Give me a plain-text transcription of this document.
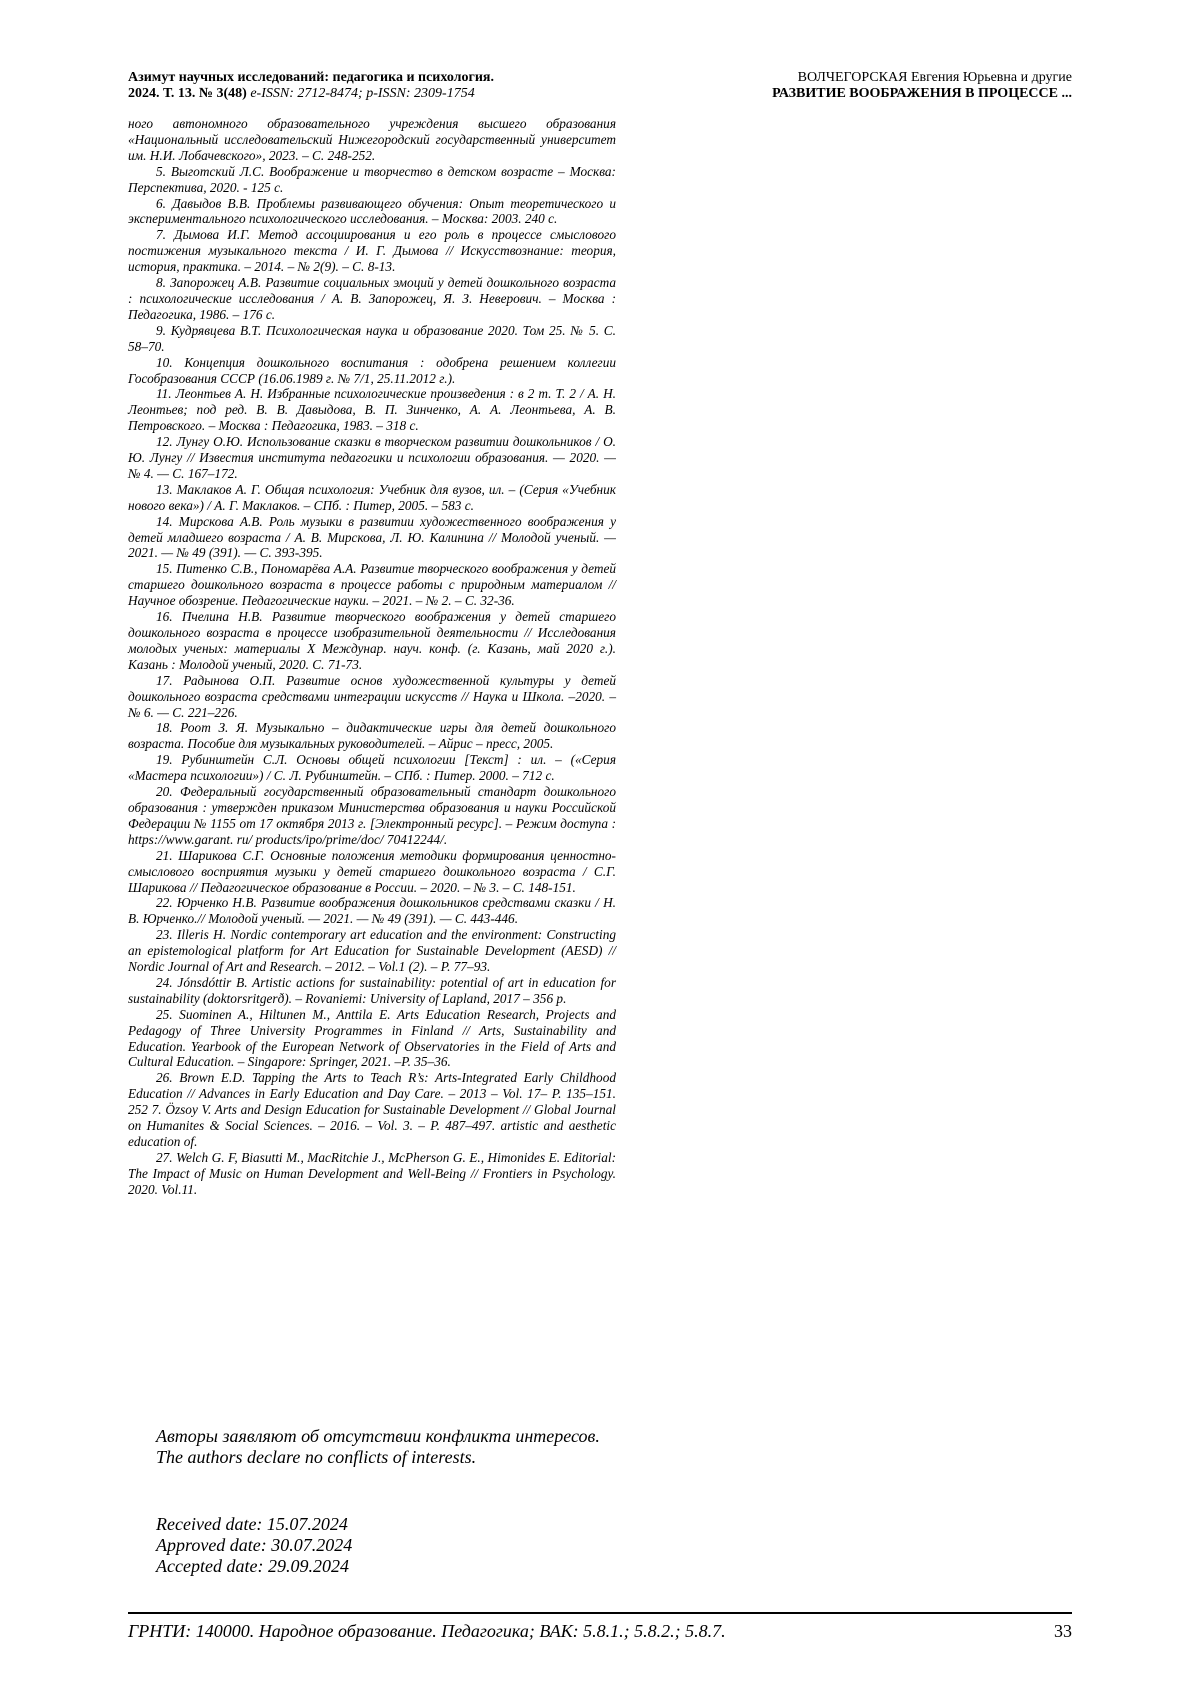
Азимут научных исследований: педагогика и психология.
2024. Т. 13. № 3(48) e-ISSN: 2712-8474; p-ISSN: 2309-1754
ВОЛЧЕГОРСКАЯ Евгения Юрьевна и другие
РАЗВИТИЕ ВООБРАЖЕНИЯ В ПРОЦЕССЕ ...

ного автономного образовательного учреждения высшего образования «Национальный исследовательский Нижегородский государственный университет им. Н.И. Лобачевского», 2023. – С. 248-252.

5. Выготский Л.С. Воображение и творчество в детском возрасте – Москва: Перспектива, 2020. - 125 с.

6. Давыдов В.В. Проблемы развивающего обучения: Опыт теоретического и экспериментального психологического исследования. – Москва: 2003. 240 с.

7. Дымова И.Г. Метод ассоциирования и его роль в процессе смыслового постижения музыкального текста / И. Г. Дымова // Искусствознание: теория, история, практика. – 2014. – № 2(9). – С. 8-13.

8. Запорожец А.В. Развитие социальных эмоций у детей дошкольного возраста : психологические исследования / А. В. Запорожец, Я. З. Неверович. – Москва : Педагогика, 1986. – 176 с.

9. Кудрявцева В.Т. Психологическая наука и образование 2020. Том 25. № 5. С. 58–70.

10. Концепция дошкольного воспитания : одобрена решением коллегии Гособразования СССР (16.06.1989 г. № 7/1, 25.11.2012 г.).

11. Леонтьев А. Н. Избранные психологические произведения : в 2 т. Т. 2 / А. Н. Леонтьев; под ред. В. В. Давыдова, В. П. Зинченко, А. А. Леонтьева, А. В. Петровского. – Москва : Педагогика, 1983. – 318 с.

12. Лунгу О.Ю. Использование сказки в творческом развитии дошкольников / О. Ю. Лунгу // Известия института педагогики и психологии образования. — 2020. — № 4. — С. 167–172.

13. Маклаков А. Г. Общая психология: Учебник для вузов, ил. – (Серия «Учебник нового века») / А. Г. Маклаков. – СПб. : Питер, 2005. – 583 с.

14. Мирскова А.В. Роль музыки в развитии художественного воображения у детей младшего возраста / А. В. Мирскова, Л. Ю. Калинина // Молодой ученый. — 2021. — № 49 (391). — С. 393-395.

15. Питенко С.В., Пономарёва А.А. Развитие творческого воображения у детей старшего дошкольного возраста в процессе работы с природным материалом // Научное обозрение. Педагогические науки. – 2021. – № 2. – С. 32-36.

16. Пчелина Н.В. Развитие творческого воображения у детей старшего дошкольного возраста в процессе изобразительной деятельности // Исследования молодых ученых: материалы X Междунар. науч. конф. (г. Казань, май 2020 г.). Казань : Молодой ученый, 2020. С. 71-73.

17. Радынова О.П. Развитие основ художественной культуры у детей дошкольного возраста средствами интеграции искусств // Наука и Школа. –2020. –№ 6. — С. 221–226.

18. Роот З. Я. Музыкально – дидактические игры для детей дошкольного возраста. Пособие для музыкальных руководителей. – Айрис – пресс, 2005.

19. Рубинштейн С.Л. Основы общей психологии [Текст] : ил. – («Серия «Мастера психологии») / С. Л. Рубинштейн. – СПб. : Питер. 2000. – 712 с.

20. Федеральный государственный образовательный стандарт дошкольного образования : утвержден приказом Министерства образования и науки Российской Федерации № 1155 от 17 октября 2013 г. [Электронный ресурс]. – Режим доступа : https://www.garant. ru/ products/ipo/prime/doc/ 70412244/.

21. Шарикова С.Г. Основные положения методики формирования ценностно-смыслового восприятия музыки у детей старшего дошкольного возраста / С.Г. Шарикова // Педагогическое образование в России. – 2020. – № 3. – С. 148-151.

22. Юрченко Н.В. Развитие воображения дошкольников средствами сказки / Н. В. Юрченко.// Молодой ученый. — 2021. — № 49 (391). — С. 443-446.

23. Illeris H. Nordic contemporary art education and the environment: Constructing an epistemological platform for Art Education for Sustainable Development (AESD) // Nordic Journal of Art and Research. – 2012. – Vol.1 (2). – P. 77–93.

24. Jónsdóttir B. Artistic actions for sustainability: potential of art in education for sustainability (doktorsritgerð). – Rovaniemi: University of Lapland, 2017 – 356 p.

25. Suominen A., Hiltunen M., Anttila E. Arts Education Research, Projects and Pedagogy of Three University Programmes in Finland // Arts, Sustainability and Education. Yearbook of the European Network of Observatories in the Field of Arts and Cultural Education. – Singapore: Springer, 2021. –P. 35–36.

26. Brown E.D. Tapping the Arts to Teach R’s: Arts-Integrated Early Childhood Education // Advances in Early Education and Day Care. – 2013 – Vol. 17– P. 135–151. 252 7. Özsoy V. Arts and Design Education for Sustainable Development // Global Journal on Humanites & Social Sciences. – 2016. – Vol. 3. – P. 487–497. artistic and aesthetic education of.

27. Welch G. F, Biasutti M., MacRitchie J., McPherson G. E., Himonides E. Editorial: The Impact of Music on Human Development and Well-Being // Frontiers in Psychology. 2020. Vol.11.

Авторы заявляют об отсутствии конфликта интересов.

The authors declare no conflicts of interests.

Received date: 15.07.2024
Approved date: 30.07.2024
Accepted date: 29.09.2024
ГРНТИ: 140000. Народное образование. Педагогика; ВАК: 5.8.1.; 5.8.2.; 5.8.7.	33
